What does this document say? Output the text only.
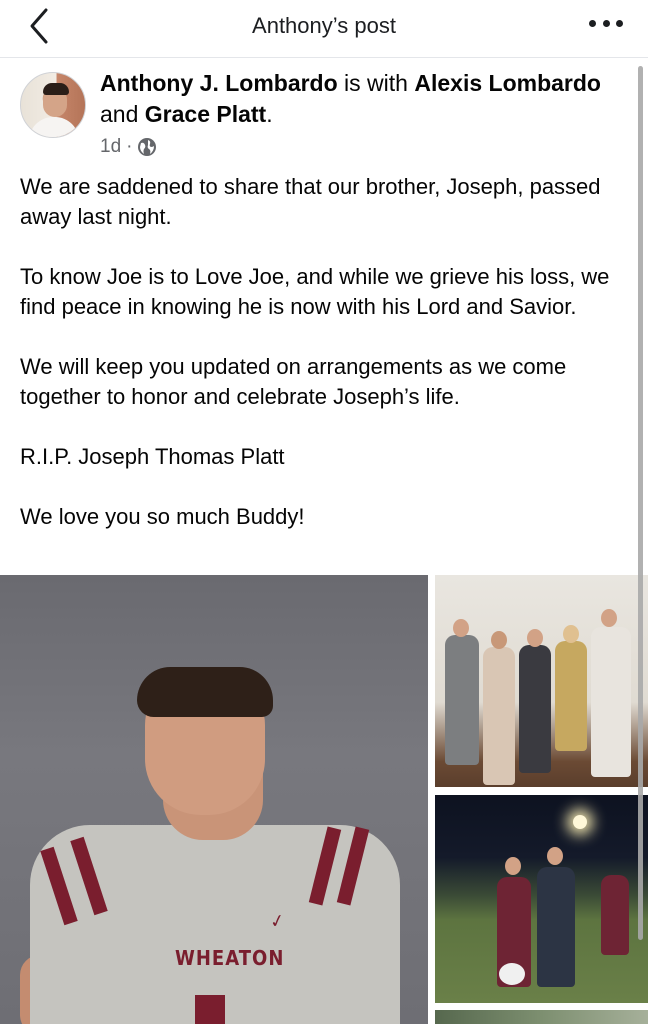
Anthony’s post
Anthony J. Lombardo is with Alexis Lombardo and Grace Platt.
1d ·

We are saddened to share that our brother, Joseph, passed away last night.

To know Joe is to Love Joe, and while we grieve his loss, we find peace in knowing he is now with his Lord and Savior.

We will keep you updated on arrangements as we come together to honor and celebrate Joseph’s life.

R.I.P. Joseph Thomas Platt

We love you so much Buddy!

✓
WHEATON
